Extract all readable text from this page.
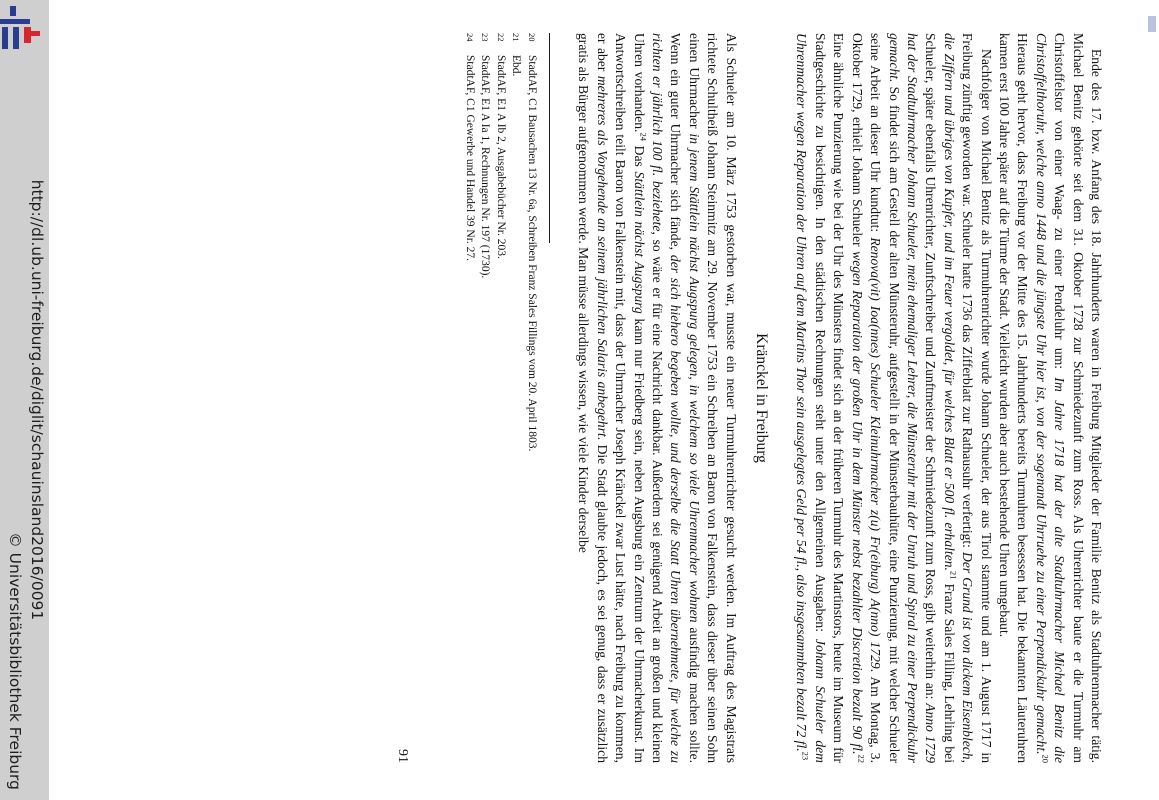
http://dl.ub.uni-freiburg.de/diglit/schauinsland2016/0091
© Universitätsbibliothek Freiburg	Ende des 17. bzw. Anfang des 18. Jahrhunderts waren in Freiburg Mitglieder der Familie Benitz als Stadtuhrenmacher tätig. Michael Benitz gehörte seit dem 31. Oktober 1728 zur Schmiedezunft zum Ross. Als Uhrenrichter baute er die Turmuhr am Christoffelstor von einer Waag- zu einer Pendeluhr um: Im Jahre 1718 hat der alte Stadtuhrmacher Michael Benitz die Christoffelthoruhr, welche anno 1448 und die jüngste Uhr hier ist, von der sogenandt Uhrruehe zu einer Perpendickuhr gemacht.$^{20}$ Hieraus geht hervor, dass Freiburg vor der Mitte des 15. Jahrhunderts bereits Turmuhren besessen hat. Die bekannten Läuteruhren kamen erst 100 Jahre später auf die Türme der Stadt. Vielleicht wurden aber auch bestehende Uhren umgebaut.

Nachfolger von Michael Benitz als Turmuhrenrichter wurde Johann Schueler, der aus Tirol stammte und am 1. August 1717 in Freiburg zünftig geworden war. Schueler hatte 1736 das Zifferblatt zur Rathausuhr verfertigt: Der Grund ist von dickem Eisenblech, die Ziffern und übriges von Kupfer, und im Feuer vergoldet, für welches Blatt er 500 fl. erhalten.$^{21}$ Franz Sales Filling, Lehrling bei Schueler, später ebenfalls Uhrenrichter, Zunftschreiber und Zunftmeister der Schmiedezunft zum Ross, gibt weiterhin an: Anno 1729 hat der Stadtuhrmacher Johann Schueler, mein ehemaliger Lehrer, die Münsteruhr mit der Unruh und Spiral zu einer Perpendickuhr gemacht. So findet sich am Gestell der alten Münsteruhr, aufgestellt in der Münsterbauhütte, eine Punzierung, mit welcher Schueler seine Arbeit an dieser Uhr kundtut: Renova(vit) Ioa(nnes) Schueler Kleinuhrmacher z(u) Fr(eiburg) A(nno) 1729. Am Montag, 3. Oktober 1729, erhielt Johann Schueler wegen Reparation der großen Uhr in dem Münster nebst bezahlter Discretion bezalt 90 fl.$^{22}$ Eine ähnliche Punzierung wie bei der Uhr des Münsters findet sich an der früheren Turmuhr des Martinstors, heute im Museum für Stadtgeschichte zu besichtigen. In den städtischen Rechnungen steht unter den Allgemeinen Ausgaben: Johann Schueler dem Uhrenmacher wegen Reparation der Uhren auf dem Martins Thor sein ausgelegtes Geld per 54 fl., also insgesammbten bezalt 72 fl.$^{23}$

Kränckel in Freiburg

Als Schueler am 10. März 1753 gestorben war, musste ein neuer Turmuhrenrichter gesucht werden. Im Auftrag des Magistrats richtete Schultheiß Johann Steinmitz am 29. November 1753 ein Schreiben an Baron von Falkenstein, dass dieser über seinen Sohn einen Uhrmacher in jenem Stättlein nächst Augspurg gelegen, in welchem so viele Uhrenmacher wohnen ausfindig machen sollte. Wenn ein guter Uhrmacher sich fände, der sich hiehero begeben wollte, und derselbe die Statt Uhren übernehmete, für welche zu richten er jährlich 100 fl. beziehete, so wäre er für eine Nachricht dankbar. Außerdem sei genügend Arbeit an großen und kleinen Uhren vorhanden.$^{24}$ Das Stättlein nächst Augspurg kann nur Friedberg sein, neben Augsburg ein Zentrum der Uhrmacherkunst. Im Antwortschreiben teilt Baron von Falkenstein mit, dass der Uhrmacher Joseph Kränckel zwar Lust hätte, nach Freiburg zu kommen, er aber mehreres als Vorgehende an seinem jährlichen Salaris anbegehrt. Die Stadt glaubte jedoch, es sei genug, dass er zusätzlich gratis als Bürger aufgenommen werde. Man müsse allerdings wissen, wie viele Kinder derselbe

20
StadtAF, C1 Bausachen 13 Nr. 6a, Schreiben Franz Sales Fillings vom 20. April 1803.

21
Ebd.

22
StadtAF, E1 A Ib 2, Ausgabebücher Nr. 203.

23
StadtAF, E1 A Ia 1, Rechnungen Nr. 197 (1730).

24
StadtAF, C1 Gewerbe und Handel 39 Nr. 27.

91
